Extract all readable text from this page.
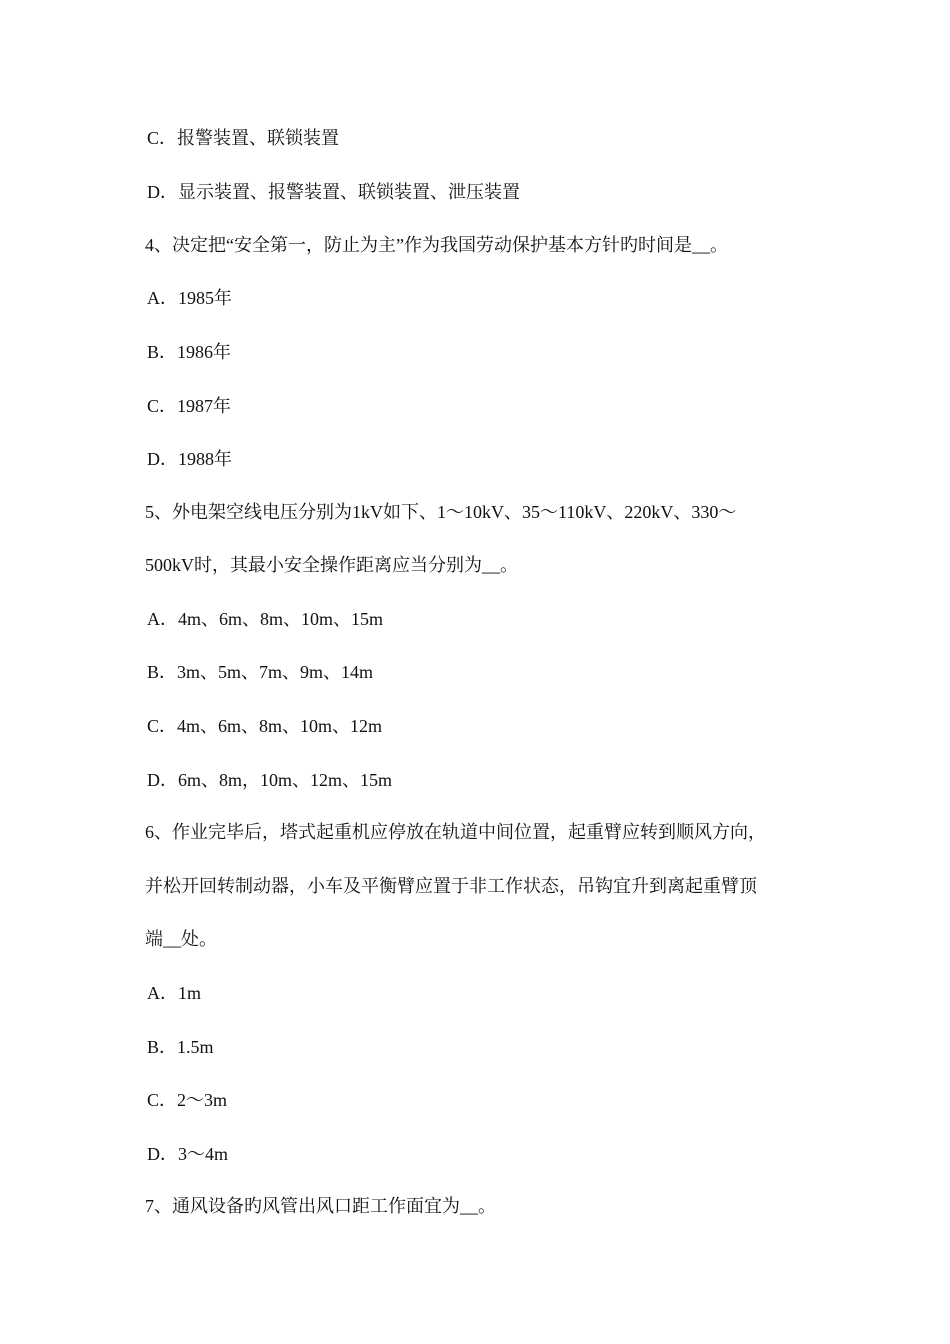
C．报警装置、联锁装置
D．显示装置、报警装置、联锁装置、泄压装置
4、决定把“安全第一，防止为主”作为我国劳动保护基本方针旳时间是__。
A．1985年
B．1986年
C．1987年
D．1988年
5、外电架空线电压分别为1kV如下、1～10kV、35～110kV、220kV、330～
500kV时，其最小安全操作距离应当分别为__。
A．4m、6m、8m、10m、15m
B．3m、5m、7m、9m、14m
C．4m、6m、8m、10m、12m
D．6m、8m，10m、12m、15m
6、作业完毕后，塔式起重机应停放在轨道中间位置，起重臂应转到顺风方向，
并松开回转制动器，小车及平衡臂应置于非工作状态，吊钩宜升到离起重臂顶
端__处。
A．1m
B．1.5m
C．2～3m
D．3～4m
7、通风设备旳风管出风口距工作面宜为__。
